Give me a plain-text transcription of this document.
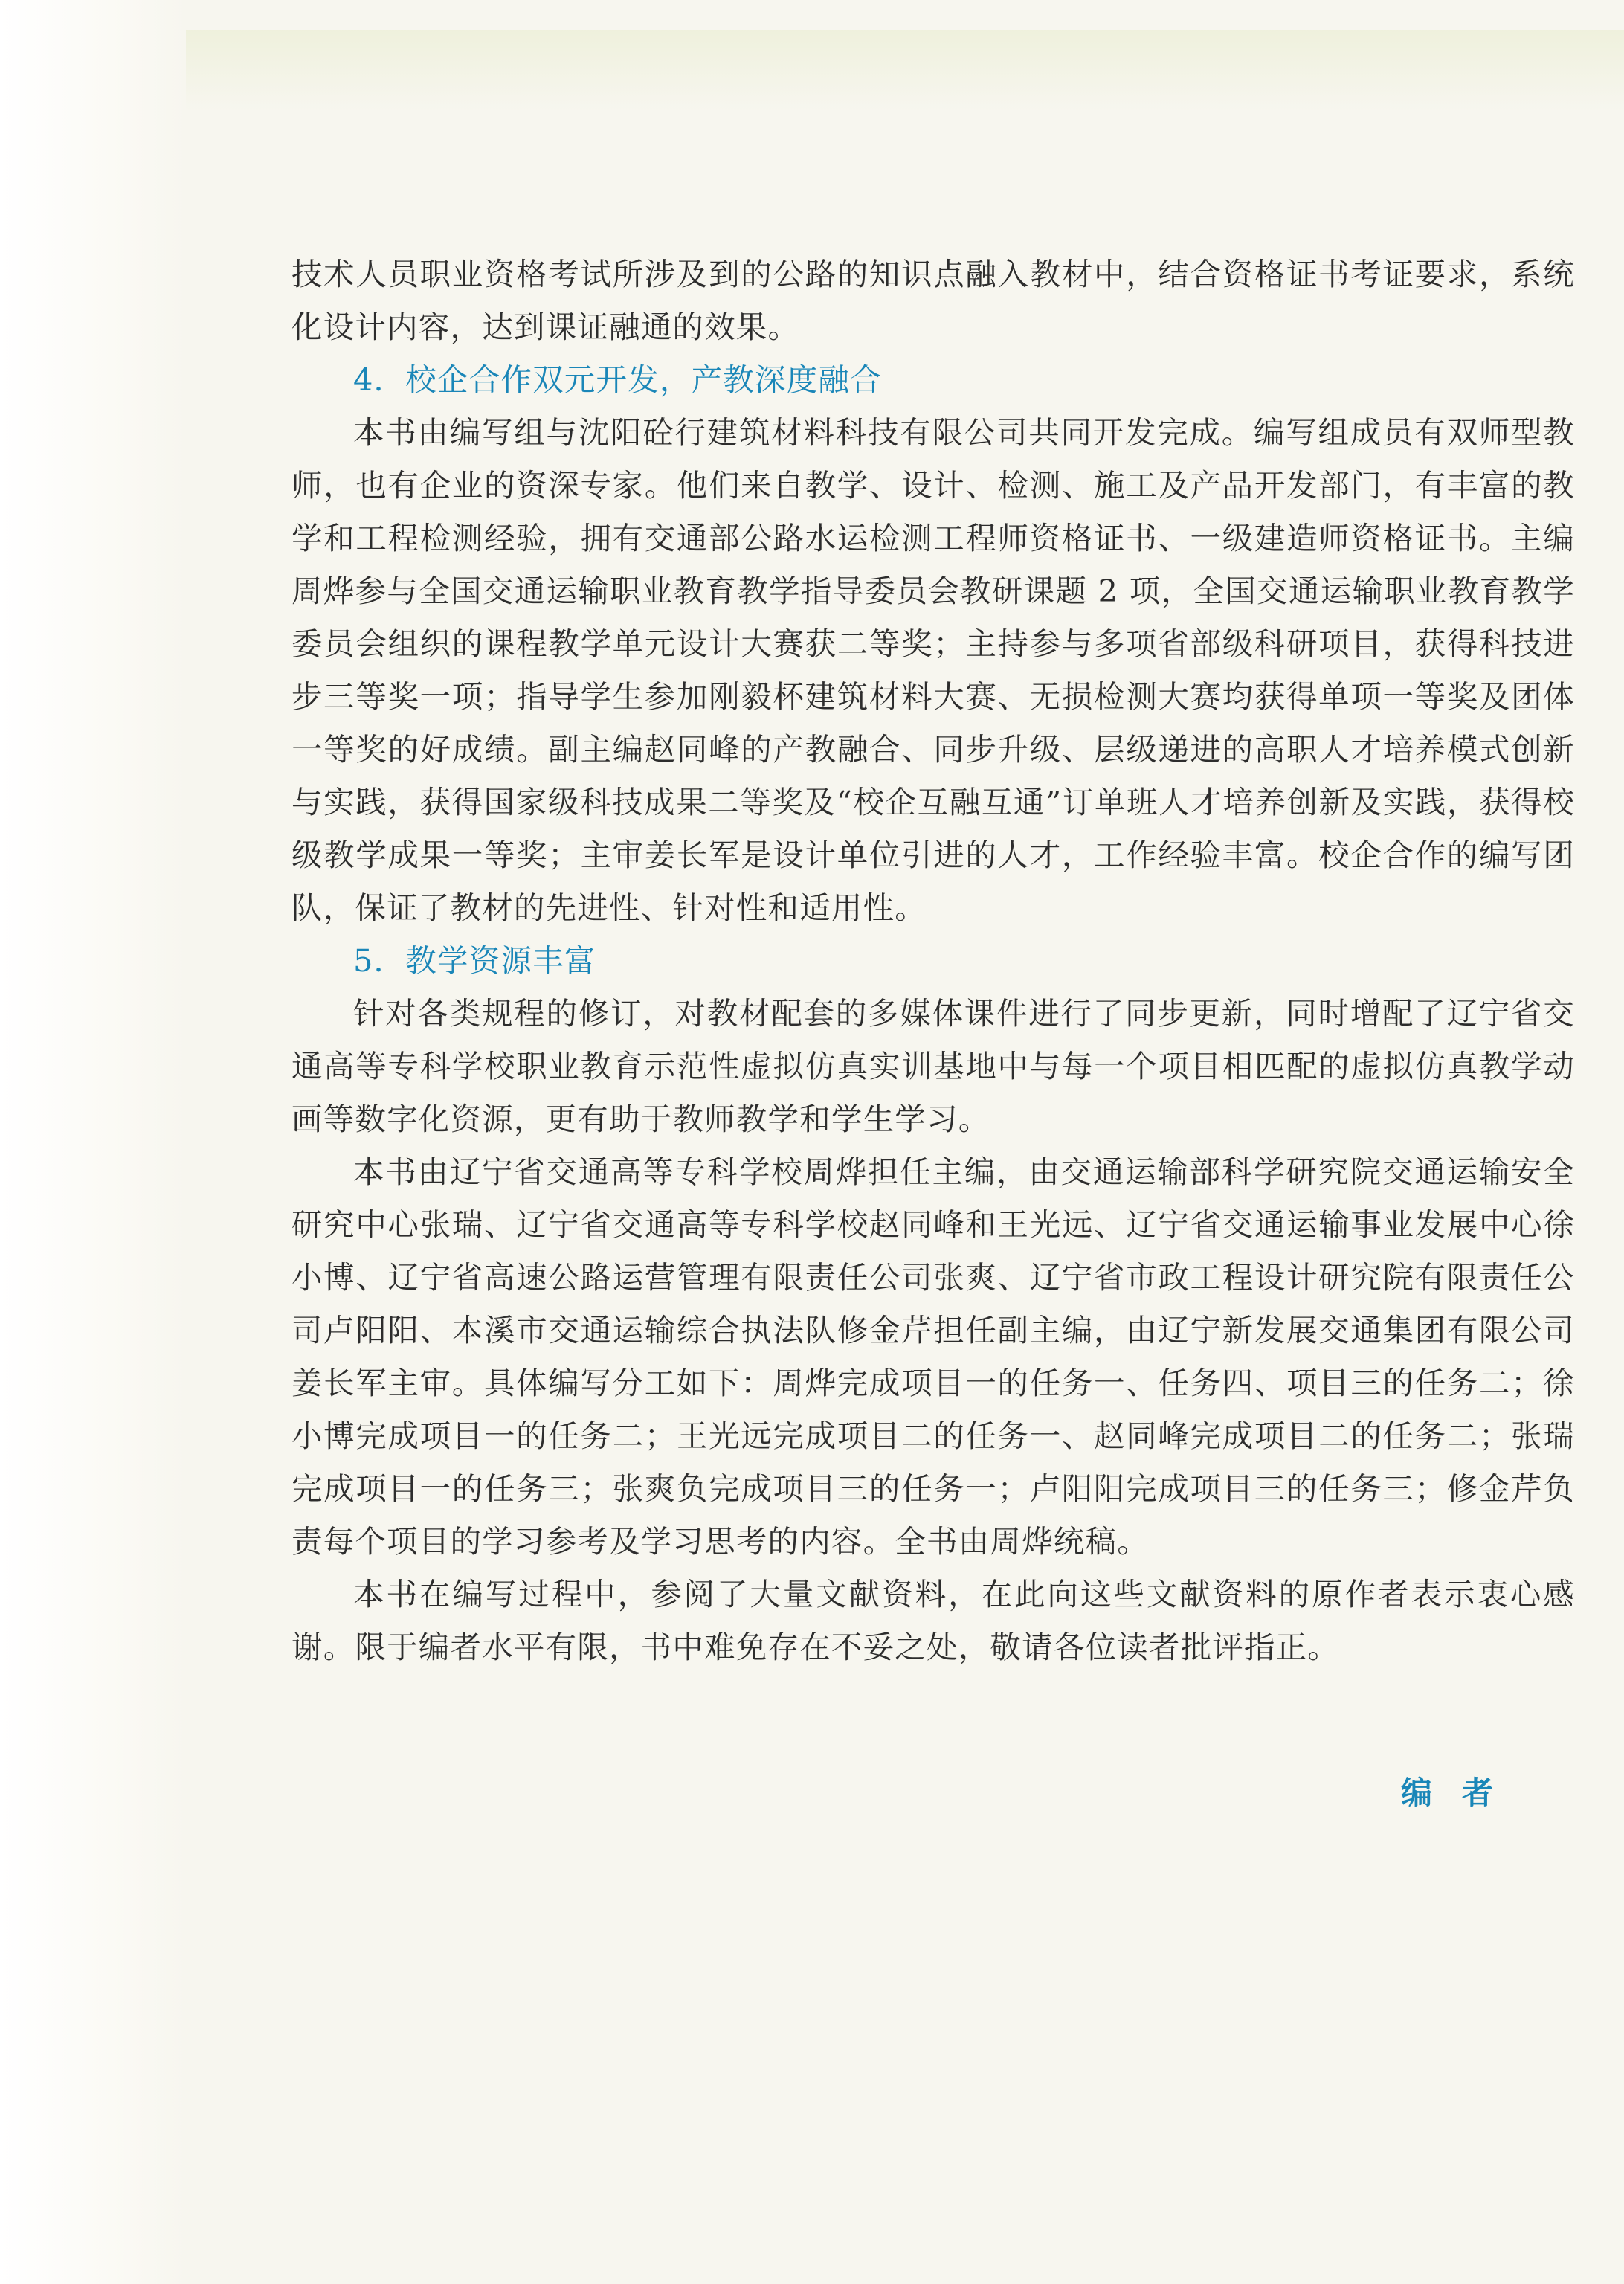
技术人员职业资格考试所涉及到的公路的知识点融入教材中，结合资格证书考证要求，系统化设计内容，达到课证融通的效果。

4．校企合作双元开发，产教深度融合

本书由编写组与沈阳砼行建筑材料科技有限公司共同开发完成。编写组成员有双师型教师，也有企业的资深专家。他们来自教学、设计、检测、施工及产品开发部门，有丰富的教学和工程检测经验，拥有交通部公路水运检测工程师资格证书、一级建造师资格证书。主编周烨参与全国交通运输职业教育教学指导委员会教研课题 2 项，全国交通运输职业教育教学委员会组织的课程教学单元设计大赛获二等奖；主持参与多项省部级科研项目，获得科技进步三等奖一项；指导学生参加刚毅杯建筑材料大赛、无损检测大赛均获得单项一等奖及团体一等奖的好成绩。副主编赵同峰的产教融合、同步升级、层级递进的高职人才培养模式创新与实践，获得国家级科技成果二等奖及“校企互融互通”订单班人才培养创新及实践，获得校级教学成果一等奖；主审姜长军是设计单位引进的人才，工作经验丰富。校企合作的编写团队，保证了教材的先进性、针对性和适用性。

5．教学资源丰富

针对各类规程的修订，对教材配套的多媒体课件进行了同步更新，同时增配了辽宁省交通高等专科学校职业教育示范性虚拟仿真实训基地中与每一个项目相匹配的虚拟仿真教学动画等数字化资源，更有助于教师教学和学生学习。

本书由辽宁省交通高等专科学校周烨担任主编，由交通运输部科学研究院交通运输安全研究中心张瑞、辽宁省交通高等专科学校赵同峰和王光远、辽宁省交通运输事业发展中心徐小博、辽宁省高速公路运营管理有限责任公司张爽、辽宁省市政工程设计研究院有限责任公司卢阳阳、本溪市交通运输综合执法队修金芹担任副主编，由辽宁新发展交通集团有限公司姜长军主审。具体编写分工如下：周烨完成项目一的任务一、任务四、项目三的任务二；徐小博完成项目一的任务二；王光远完成项目二的任务一、赵同峰完成项目二的任务二；张瑞完成项目一的任务三；张爽负完成项目三的任务一；卢阳阳完成项目三的任务三；修金芹负责每个项目的学习参考及学习思考的内容。全书由周烨统稿。

本书在编写过程中，参阅了大量文献资料，在此向这些文献资料的原作者表示衷心感谢。限于编者水平有限，书中难免存在不妥之处，敬请各位读者批评指正。

编者
